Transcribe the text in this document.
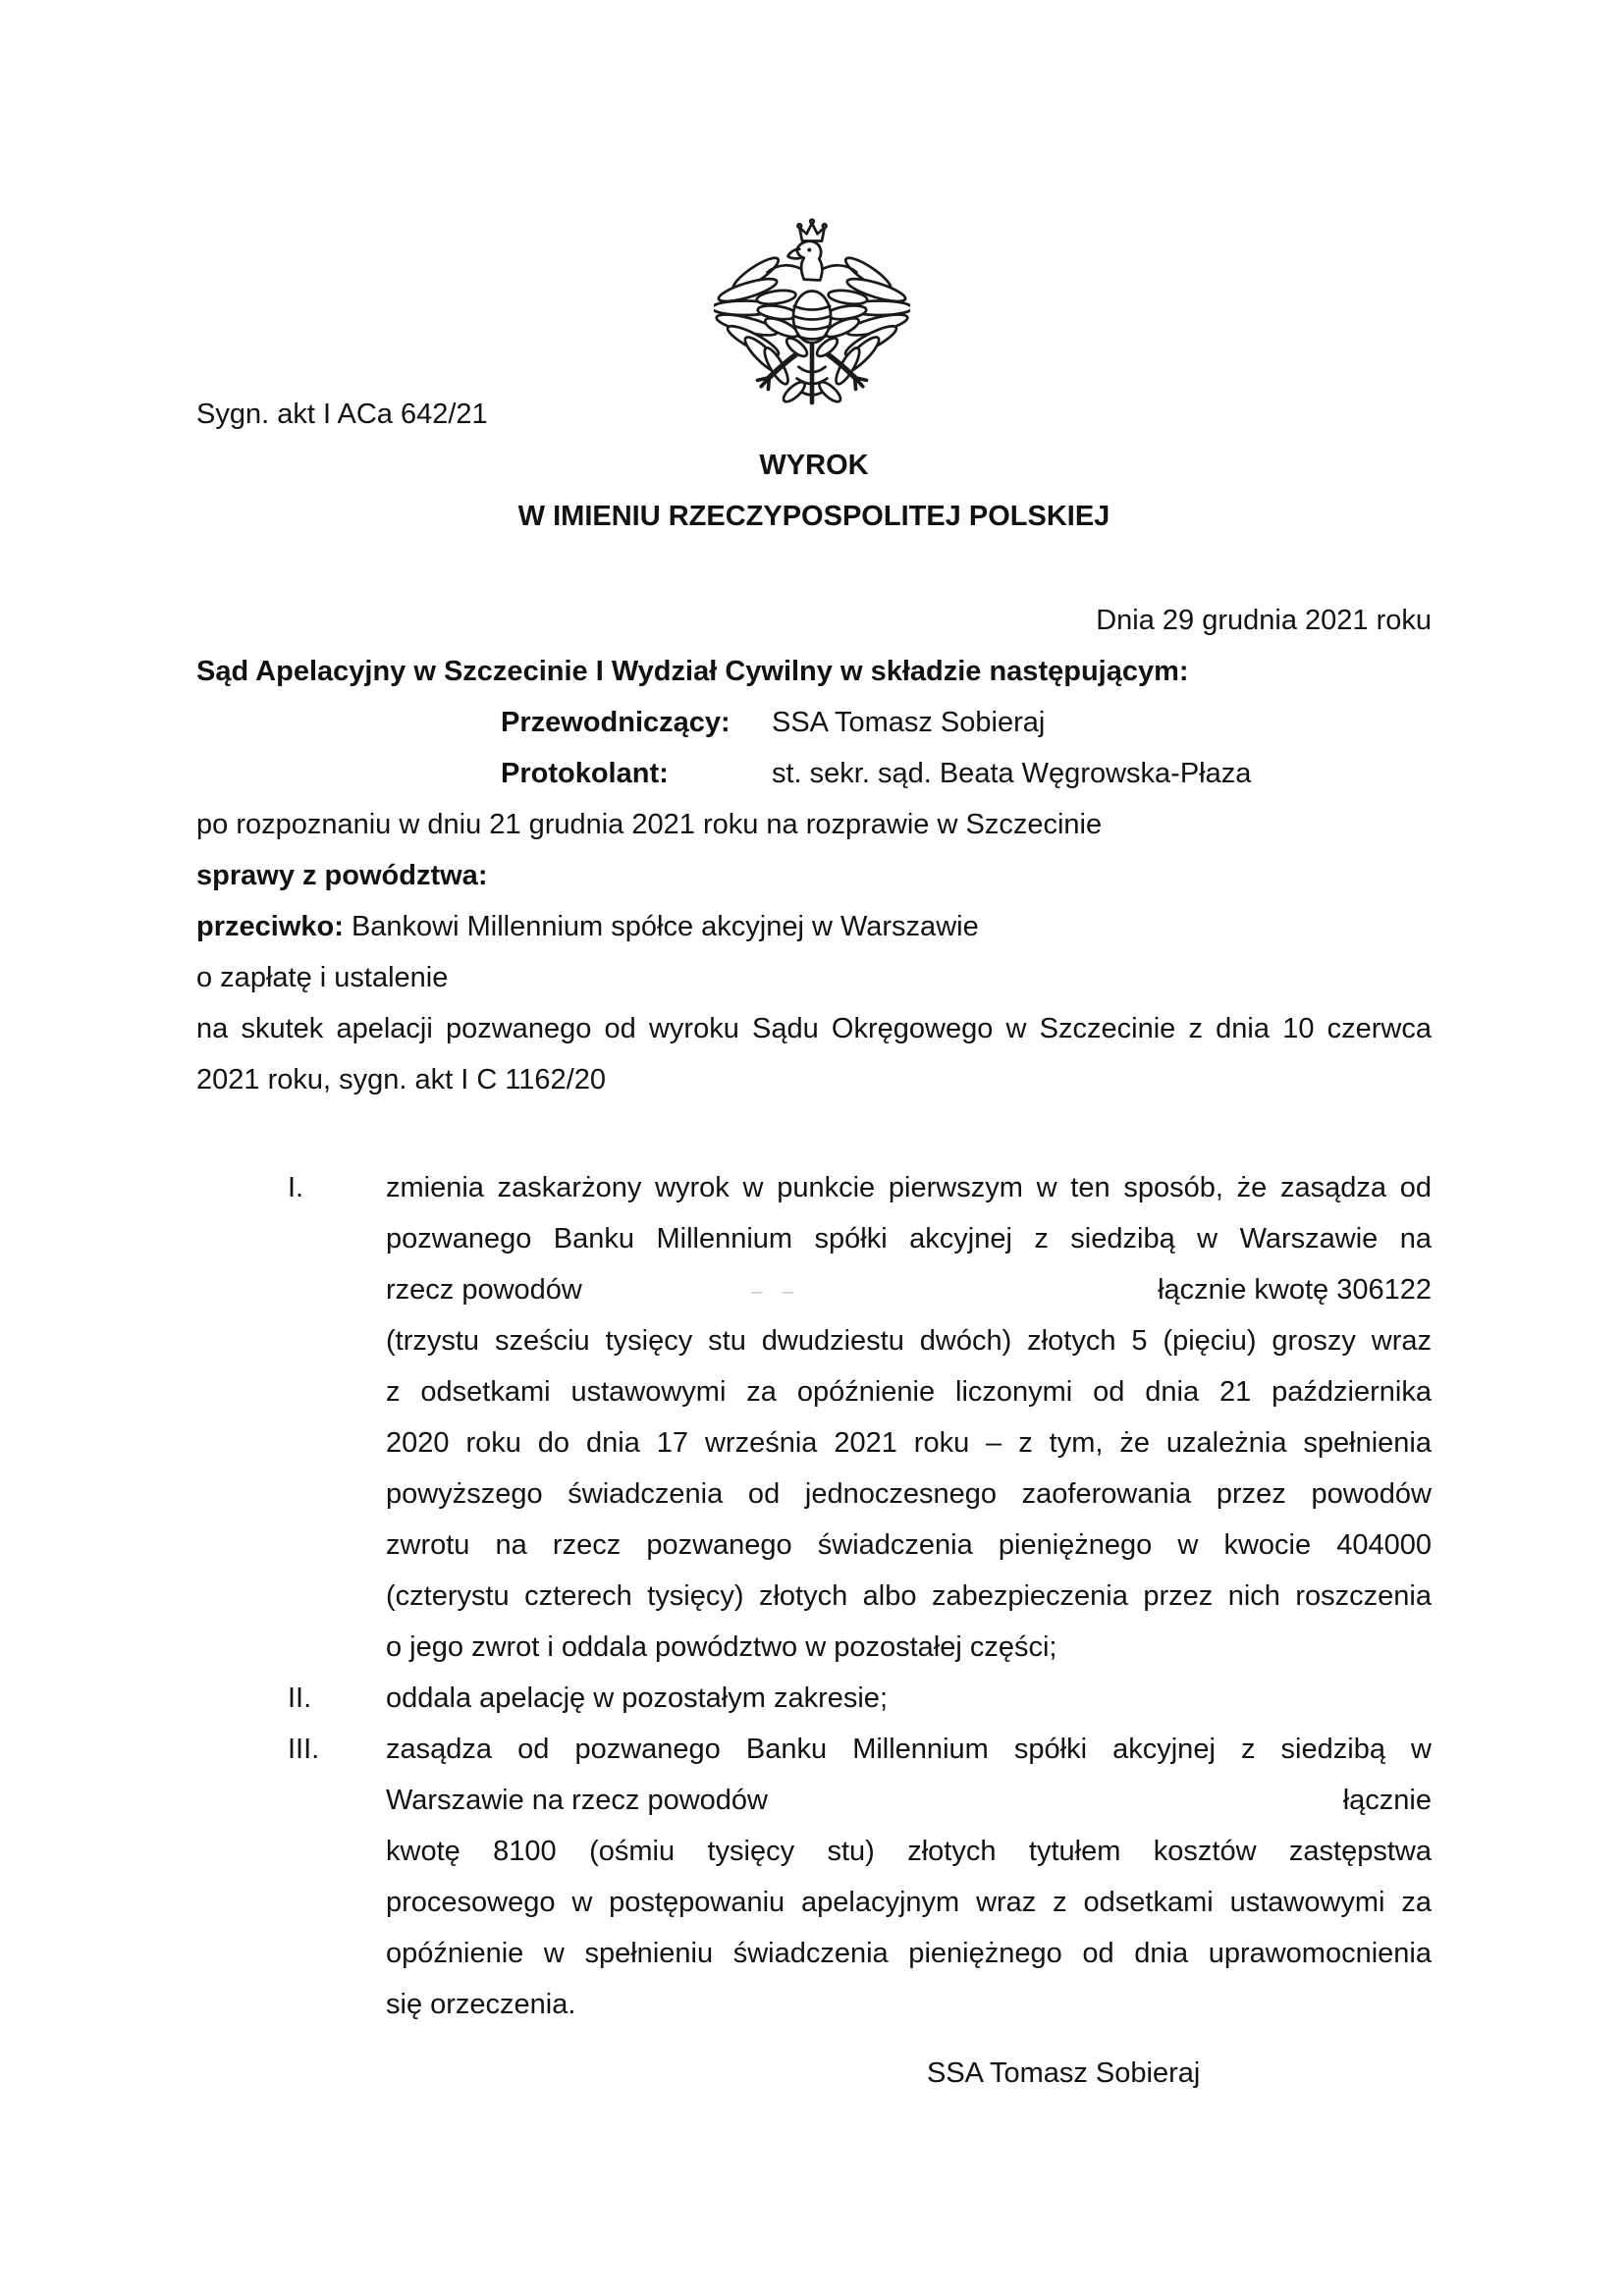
Sygn. akt I ACa 642/21
WYROK
W IMIENIU RZECZYPOSPOLITEJ POLSKIEJ
Dnia 29 grudnia 2021 roku
Sąd Apelacyjny w Szczecinie I Wydział Cywilny w składzie następującym:
Przewodniczący: SSA Tomasz Sobieraj
Protokolant:	st. sekr. sąd. Beata Węgrowska-Płaza
po rozpoznaniu w dniu 21 grudnia 2021 roku na rozprawie w Szczecinie
sprawy z powództwa:
przeciwko: Bankowi Millennium spółce akcyjnej w Warszawie
o zapłatę i ustalenie
na skutek apelacji pozwanego od wyroku Sądu Okręgowego w Szczecinie z dnia 10 czerwca
2021 roku, sygn. akt I C 1162/20
I.	zmienia zaskarżony wyrok w punkcie pierwszym w ten sposób, że zasądza od
pozwanego Banku Millennium spółki akcyjnej z siedzibą w Warszawie na
rzecz powodów	– –	łącznie kwotę 306122
(trzystu sześciu tysięcy stu dwudziestu dwóch) złotych 5 (pięciu) groszy wraz
z odsetkami ustawowymi za opóźnienie liczonymi od dnia 21 października
2020 roku do dnia 17 września 2021 roku – z tym, że uzależnia spełnienia
powyższego świadczenia od jednoczesnego zaoferowania przez powodów
zwrotu na rzecz pozwanego świadczenia pieniężnego w kwocie 404000
(czterystu czterech tysięcy) złotych albo zabezpieczenia przez nich roszczenia
o jego zwrot i oddala powództwo w pozostałej części;
II.	oddala apelację w pozostałym zakresie;
III.	zasądza od pozwanego Banku Millennium spółki akcyjnej z siedzibą w
Warszawie na rzecz powodów	łącznie
kwotę 8100 (ośmiu tysięcy stu) złotych tytułem kosztów zastępstwa
procesowego w postępowaniu apelacyjnym wraz z odsetkami ustawowymi za
opóźnienie w spełnieniu świadczenia pieniężnego od dnia uprawomocnienia
się orzeczenia.
SSA Tomasz Sobieraj
